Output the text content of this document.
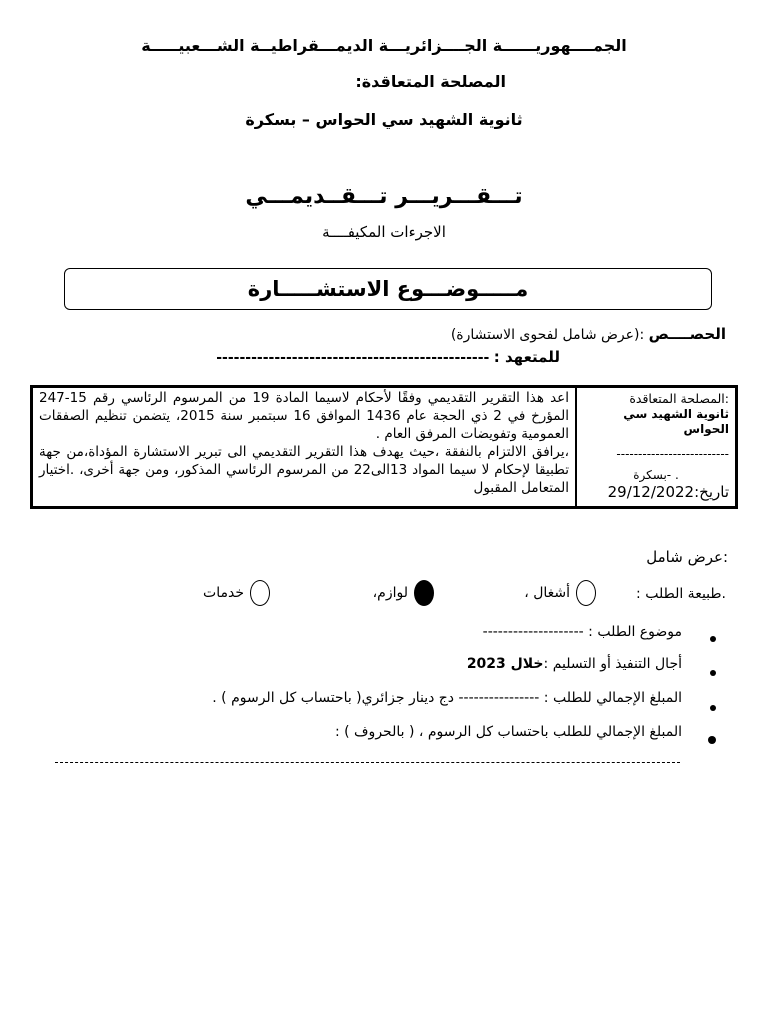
الجمــــهوريــــــة الجــــزائريـــة الديمـــقراطيــة الشـــعبيـــــة
المصلحة المتعاقدة:
ثانوية الشهيد سي الحواس – بسكرة
تـــقـــريـــر تـــقــديمـــي
الاجرءات المكيفــــة
مـــــوضـــوع الاستشـــــارة
الحصــــص :(عرض شامل لفحوى الاستشارة)
للمتعهد : -----------------------------------------------
:المصلحة المتعاقدة
ثانوية الشهيد سي الحواس
--------------------------
. -بسكرة
تاريخ:29/12/2022

اعد هذا التقرير التقديمي وفقًا لأحكام لاسيما المادة 19 من المرسوم الرئاسي رقم 15-247 المؤرخ في 2 ذي الحجة عام 1436 الموافق 16 سبتمبر سنة 2015، يتضمن تنظيم الصفقات العمومية وتفويضات المرفق العام .

،يرافق الالتزام بالنفقة ،حيث يهدف هذا التقرير التقديمي الى تبرير الاستشارة المؤداة،من جهة تطبيقا لإحكام لا سيما المواد 13الى22 من المرسوم الرئاسي المذكور، ومن جهة أخرى، .اختيار المتعامل المقبول

:عرض شامل
.طبيعة الطلب :
أشغال ،
لوازم،
خدمات
موضوع الطلب : --------------------
أجال التنفيذ أو التسليم :خلال 2023
المبلغ الإجمالي للطلب : ---------------- دج دينار جزائري( باحتساب كل الرسوم ) .
المبلغ الإجمالي للطلب باحتساب كل الرسوم ، ( بالحروف ) :
